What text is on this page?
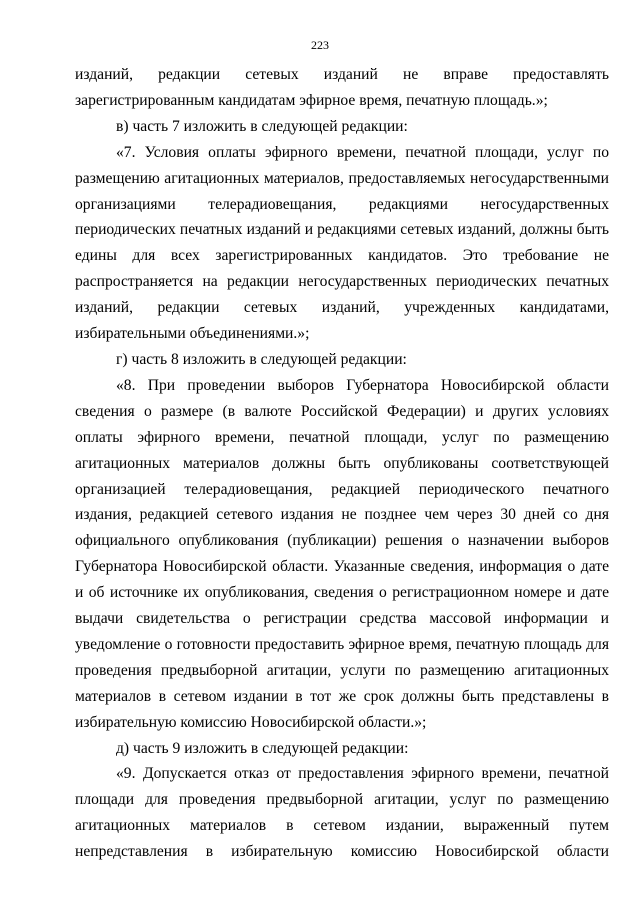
223

изданий, редакции сетевых изданий не вправе предоставлять зарегистрированным кандидатам эфирное время, печатную площадь.»;

в) часть 7 изложить в следующей редакции:

«7. Условия оплаты эфирного времени, печатной площади, услуг по размещению агитационных материалов, предоставляемых негосударственными организациями телерадиовещания, редакциями негосударственных периодических печатных изданий и редакциями сетевых изданий, должны быть едины для всех зарегистрированных кандидатов. Это требование не распространяется на редакции негосударственных периодических печатных изданий, редакции сетевых изданий, учрежденных кандидатами, избирательными объединениями.»;

г) часть 8 изложить в следующей редакции:

«8. При проведении выборов Губернатора Новосибирской области сведения о размере (в валюте Российской Федерации) и других условиях оплаты эфирного времени, печатной площади, услуг по размещению агитационных материалов должны быть опубликованы соответствующей организацией телерадиовещания, редакцией периодического печатного издания, редакцией сетевого издания не позднее чем через 30 дней со дня официального опубликования (публикации) решения о назначении выборов Губернатора Новосибирской области. Указанные сведения, информация о дате и об источнике их опубликования, сведения о регистрационном номере и дате выдачи свидетельства о регистрации средства массовой информации и уведомление о готовности предоставить эфирное время, печатную площадь для проведения предвыборной агитации, услуги по размещению агитационных материалов в сетевом издании в тот же срок должны быть представлены в избирательную комиссию Новосибирской области.»;

д) часть 9 изложить в следующей редакции:

«9. Допускается отказ от предоставления эфирного времени, печатной площади для проведения предвыборной агитации, услуг по размещению агитационных материалов в сетевом издании, выраженный путем непредставления в избирательную комиссию Новосибирской области
